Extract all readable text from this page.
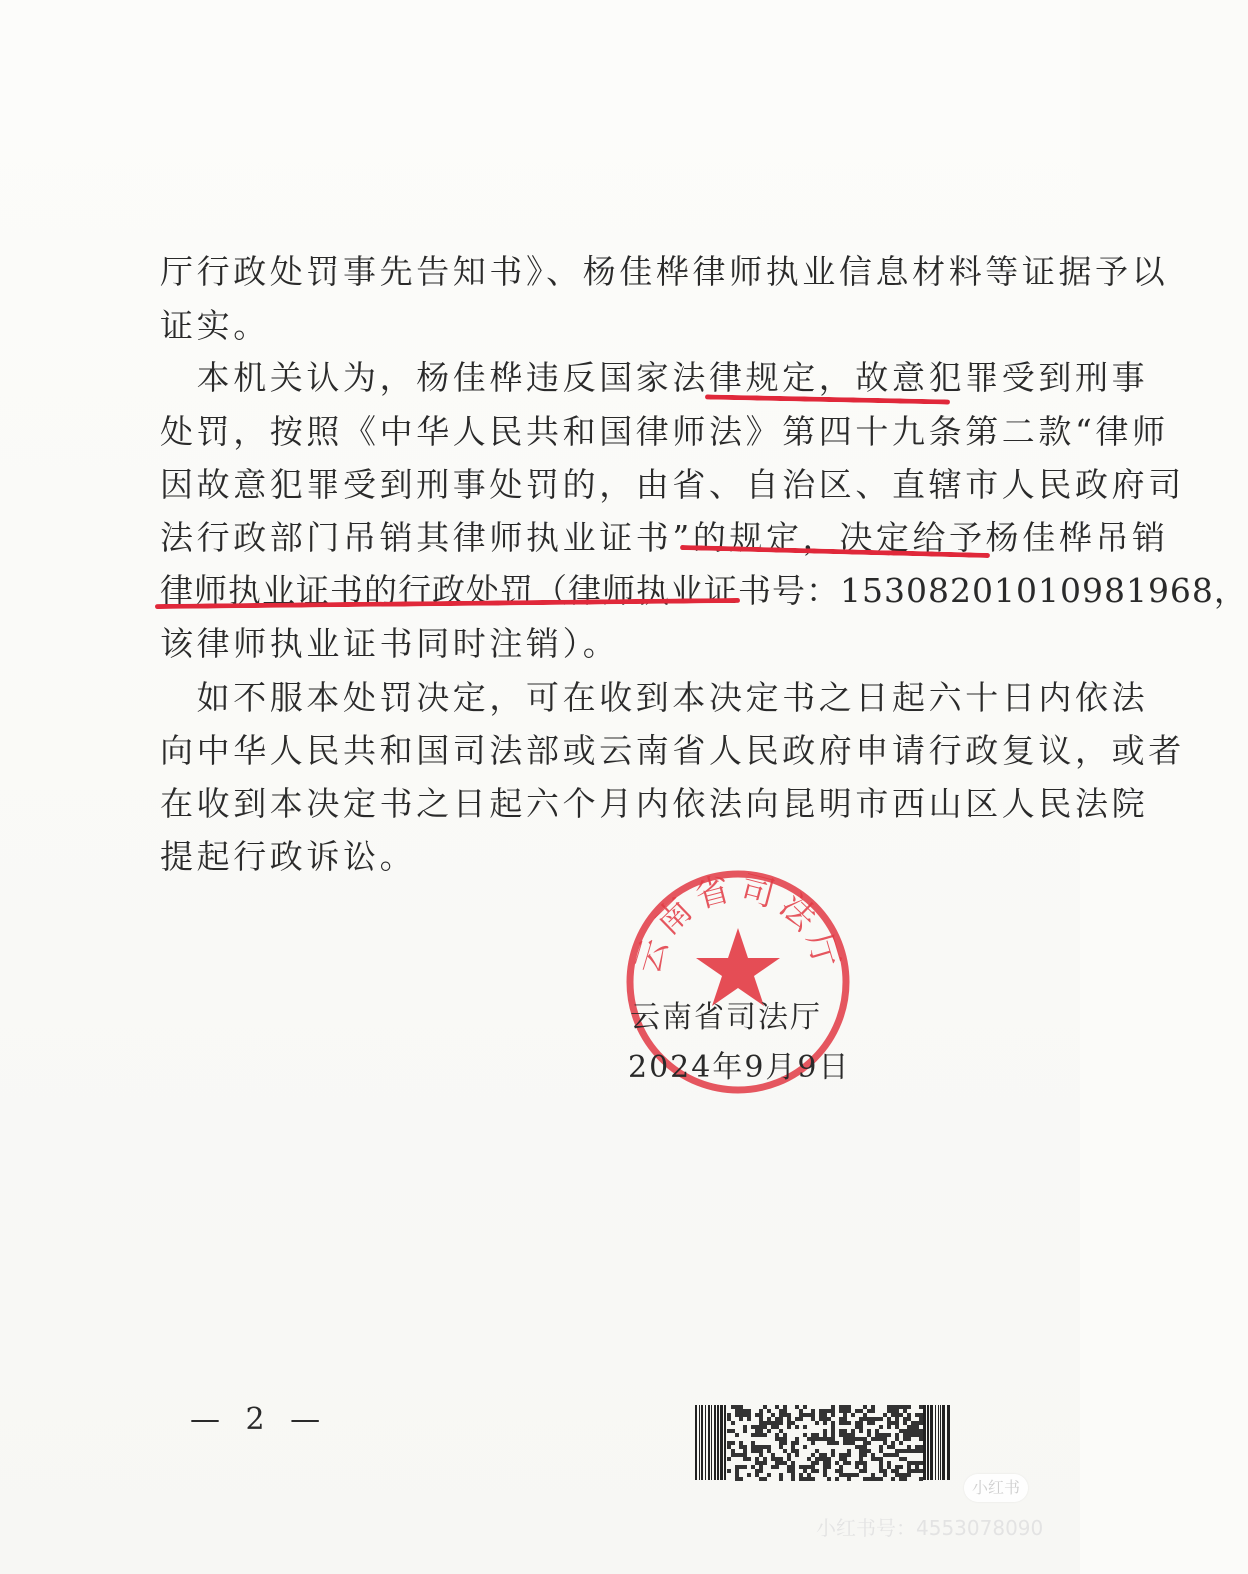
厅行政处罚事先告知书》、杨佳桦律师执业信息材料等证据予以
证实。
　本机关认为，杨佳桦违反国家法律规定，故意犯罪受到刑事
处罚，按照《中华人民共和国律师法》第四十九条第二款“律师
因故意犯罪受到刑事处罚的，由省、自治区、直辖市人民政府司
法行政部门吊销其律师执业证书”的规定，决定给予杨佳桦吊销
律师执业证书的行政处罚（律师执业证书号：15308201010981968，
该律师执业证书同时注销）。
　如不服本处罚决定，可在收到本决定书之日起六十日内依法
向中华人民共和国司法部或云南省人民政府申请行政复议，或者
在收到本决定书之日起六个月内依法向昆明市西山区人民法院
提起行政诉讼。
云南省司法厅
云南省司法厅
2024年9月9日
— 2 —
小红书
小红书号：4553078090
